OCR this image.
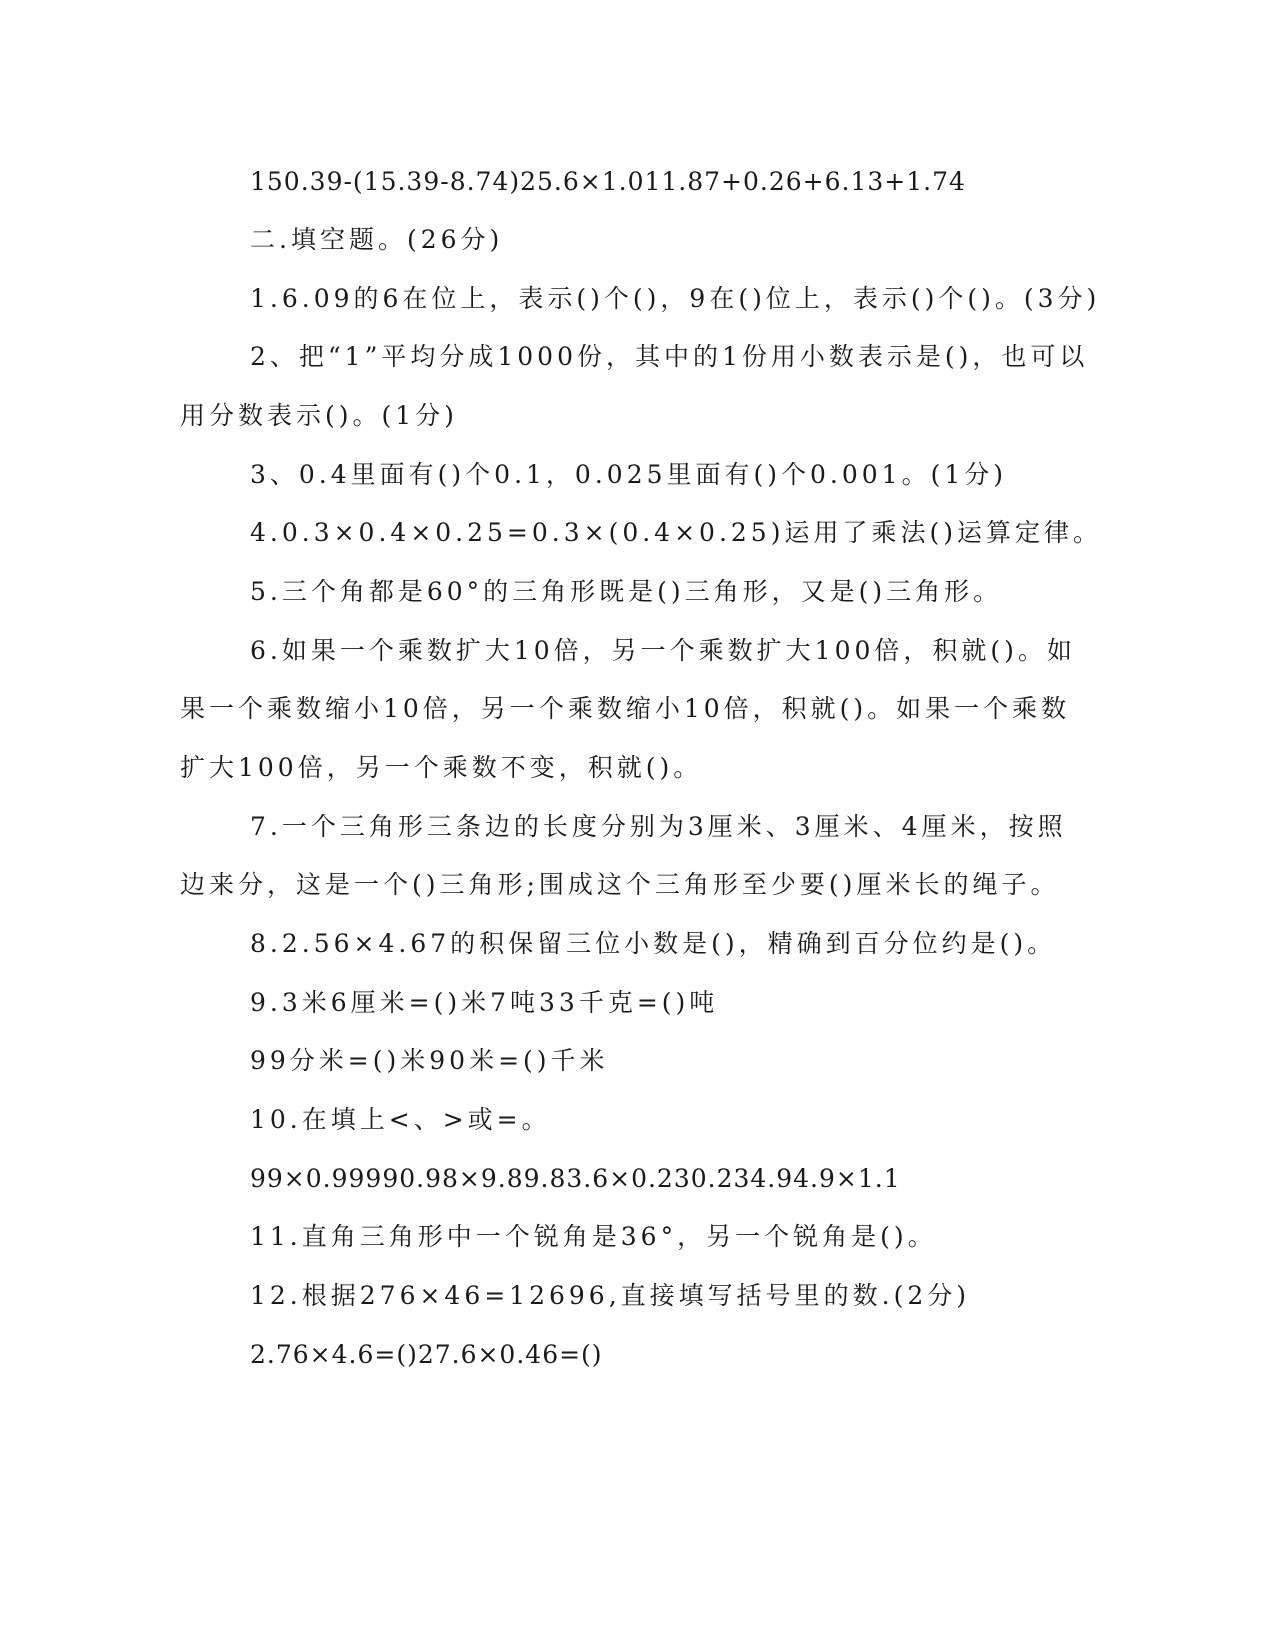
150.39-(15.39-8.74)25.6×1.011.87+0.26+6.13+1.74
二.填空题。(26分)
1.6.09的6在位上，表示()个()，9在()位上，表示()个()。(3分)
2、把“1”平均分成1000份，其中的1份用小数表示是()，也可以
用分数表示()。(1分)
3、0.4里面有()个0.1，0.025里面有()个0.001。(1分)
4.0.3×0.4×0.25=0.3×(0.4×0.25)运用了乘法()运算定律。
5.三个角都是60°的三角形既是()三角形，又是()三角形。
6.如果一个乘数扩大10倍，另一个乘数扩大100倍，积就()。如
果一个乘数缩小10倍，另一个乘数缩小10倍，积就()。如果一个乘数
扩大100倍，另一个乘数不变，积就()。
7.一个三角形三条边的长度分别为3厘米、3厘米、4厘米，按照
边来分，这是一个()三角形;围成这个三角形至少要()厘米长的绳子。
8.2.56×4.67的积保留三位小数是()，精确到百分位约是()。
9.3米6厘米=()米7吨33千克=()吨
99分米=()米90米=()千米
10.在填上<、>或=。
99×0.99990.98×9.89.83.6×0.230.234.94.9×1.1
11.直角三角形中一个锐角是36°，另一个锐角是()。
12.根据276×46=12696,直接填写括号里的数.(2分)
2.76×4.6=()27.6×0.46=()
